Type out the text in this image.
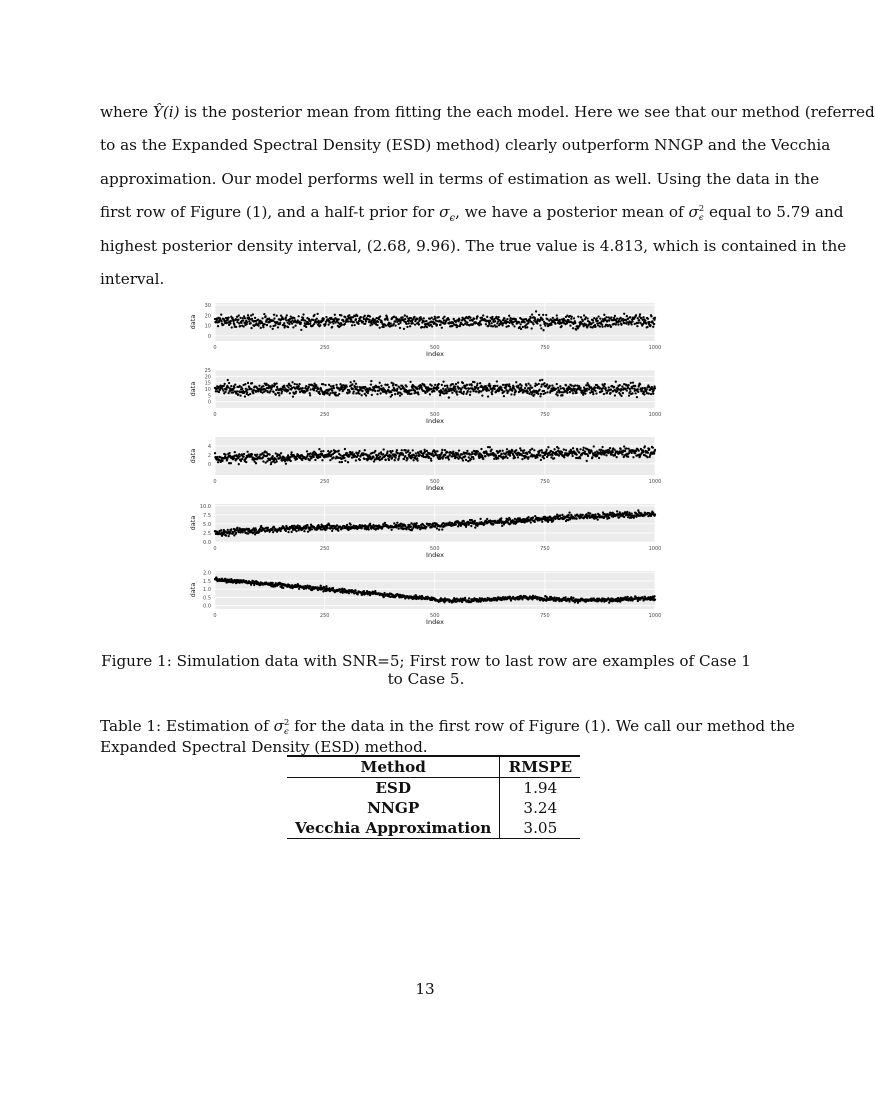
where Ŷ(i) is the posterior mean from fitting the each model. Here we see that our method (referred
to as the Expanded Spectral Density (ESD) method) clearly outperform NNGP and the Vecchia
approximation. Our model performs well in terms of estimation as well. Using the data in the
first row of Figure (1), and a half-t prior for $\sigma_\epsilon$, we have a posterior mean of σ 2
ϵ equal to 5.79 and
highest posterior density interval, (2.68, 9.96). The true value is 4.813, which is contained in the
interval.
0
10
20
30
0	250	500	750	1000
Index
data
0
5
10
15
20
25
0	250	500	750	1000
Index
data
0
2
4
0	250	500	750	1000
Index
data
0.0
2.5
5.0
7.5
10.0
0	250	500	750	1000
Index
data
0.0
0.5
1.0
1.5
2.0
0	250	500	750	1000
Index
data
Figure 1: Simulation data with SNR=5; First row to last row are examples of Case 1 to Case 5.
Table 1: Estimation of σ 2
ϵ for the data in the first row of Figure (1). We call our method the
Expanded Spectral Density (ESD) method.
Method	RMSPE
ESD	1.94
NNGP	3.24
Vecchia Approximation	3.05
13
